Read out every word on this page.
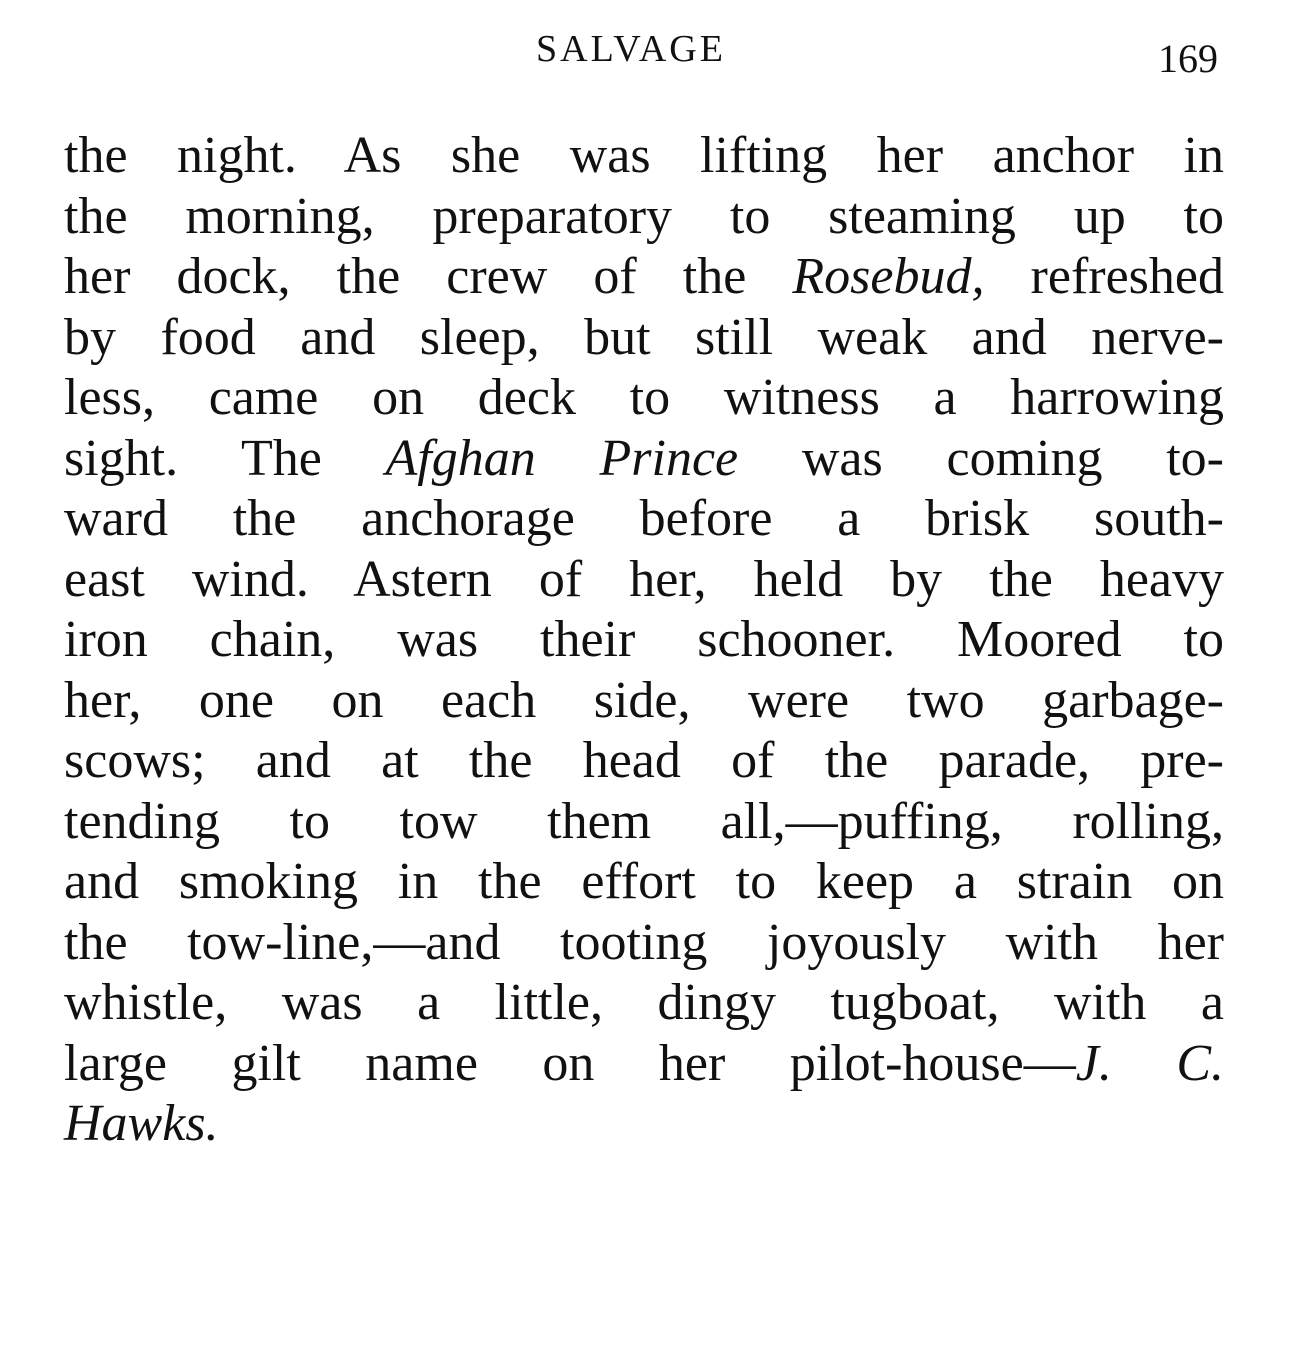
SALVAGE	169
the night. As she was lifting her anchor in
the morning, preparatory to steaming up to
her dock, the crew of the Rosebud, refreshed
by food and sleep, but still weak and nerve-
less, came on deck to witness a harrowing
sight. The Afghan Prince was coming to-
ward the anchorage before a brisk south-
east wind. Astern of her, held by the heavy
iron chain, was their schooner. Moored to
her, one on each side, were two garbage-
scows; and at the head of the parade, pre-
tending to tow them all,—puffing, rolling,
and smoking in the effort to keep a strain on
the tow-line,—and tooting joyously with her
whistle, was a little, dingy tugboat, with a
large gilt name on her pilot-house—J. C.
Hawks.
